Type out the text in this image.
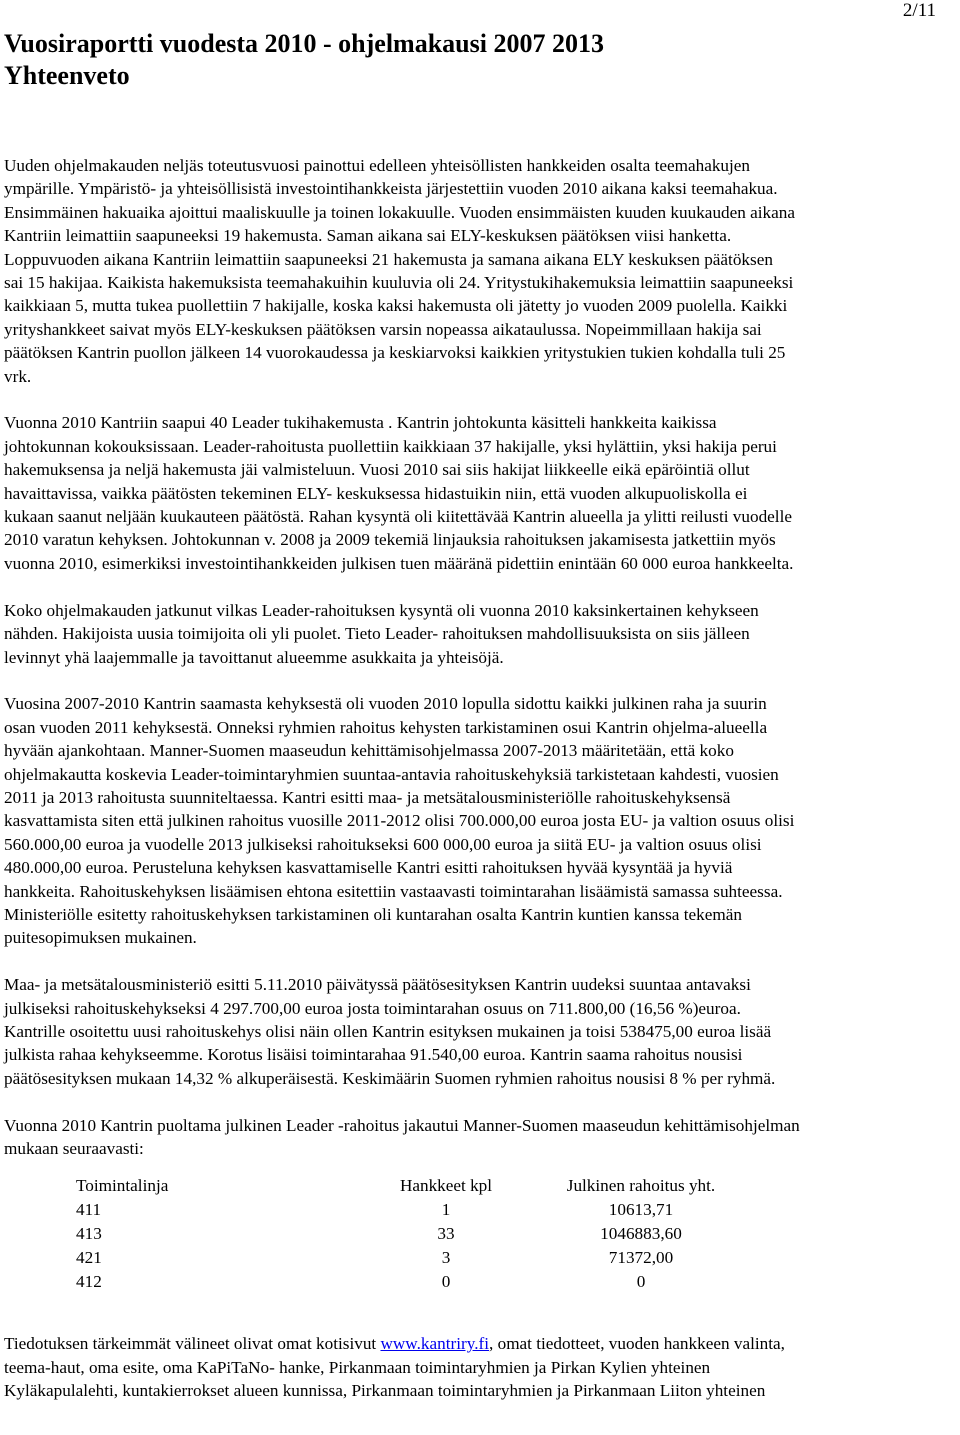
2/11
Vuosiraportti vuodesta 2010 - ohjelmakausi 2007 2013
Yhteenveto
Uuden ohjelmakauden neljäs toteutusvuosi painottui edelleen yhteisöllisten hankkeiden osalta teemahakujen
ympärille. Ympäristö- ja yhteisöllisistä investointihankkeista järjestettiin vuoden 2010 aikana kaksi teemahakua.
Ensimmäinen hakuaika ajoittui maaliskuulle ja toinen lokakuulle. Vuoden ensimmäisten kuuden kuukauden aikana
Kantriin leimattiin saapuneeksi 19 hakemusta. Saman aikana sai ELY-keskuksen päätöksen viisi hanketta.
Loppuvuoden aikana Kantriin leimattiin saapuneeksi 21 hakemusta ja samana aikana ELY keskuksen päätöksen
sai 15 hakijaa. Kaikista hakemuksista teemahakuihin kuuluvia oli 24. Yritystukihakemuksia leimattiin saapuneeksi
kaikkiaan 5, mutta tukea puollettiin 7 hakijalle, koska kaksi hakemusta oli jätetty jo vuoden 2009 puolella. Kaikki
yrityshankkeet saivat myös ELY-keskuksen päätöksen varsin nopeassa aikataulussa. Nopeimmillaan hakija sai
päätöksen Kantrin puollon jälkeen 14 vuorokaudessa ja keskiarvoksi kaikkien yritystukien tukien kohdalla tuli 25
vrk.
Vuonna 2010 Kantriin saapui 40 Leader tukihakemusta . Kantrin johtokunta käsitteli hankkeita kaikissa
johtokunnan kokouksissaan. Leader-rahoitusta puollettiin kaikkiaan 37 hakijalle, yksi hylättiin, yksi hakija perui
hakemuksensa ja neljä hakemusta jäi valmisteluun. Vuosi 2010 sai siis hakijat liikkeelle eikä epäröintiä ollut
havaittavissa, vaikka päätösten tekeminen ELY- keskuksessa hidastuikin niin, että vuoden alkupuoliskolla ei
kukaan saanut neljään kuukauteen päätöstä. Rahan kysyntä oli kiitettävää Kantrin alueella ja ylitti reilusti vuodelle
2010 varatun kehyksen. Johtokunnan v. 2008 ja 2009 tekemiä linjauksia rahoituksen jakamisesta jatkettiin myös
vuonna 2010, esimerkiksi investointihankkeiden julkisen tuen määränä pidettiin enintään 60 000 euroa hankkeelta.
Koko ohjelmakauden jatkunut vilkas Leader-rahoituksen kysyntä oli vuonna 2010 kaksinkertainen kehykseen
nähden. Hakijoista uusia toimijoita oli yli puolet. Tieto Leader- rahoituksen mahdollisuuksista on siis jälleen
levinnyt yhä laajemmalle ja tavoittanut alueemme asukkaita ja yhteisöjä.
Vuosina 2007-2010 Kantrin saamasta kehyksestä oli vuoden 2010 lopulla sidottu kaikki julkinen raha ja suurin
osan vuoden 2011 kehyksestä. Onneksi ryhmien rahoitus kehysten tarkistaminen osui Kantrin ohjelma-alueella
hyvään ajankohtaan. Manner-Suomen maaseudun kehittämisohjelmassa 2007-2013 määritetään, että koko
ohjelmakautta koskevia Leader-toimintaryhmien suuntaa-antavia rahoituskehyksiä tarkistetaan kahdesti, vuosien
2011 ja 2013 rahoitusta suunniteltaessa. Kantri esitti maa- ja metsätalousministeriölle rahoituskehyksensä
kasvattamista siten että julkinen rahoitus vuosille 2011-2012 olisi 700.000,00 euroa josta EU- ja valtion osuus olisi
560.000,00 euroa ja vuodelle 2013 julkiseksi rahoitukseksi 600 000,00 euroa ja siitä EU- ja valtion osuus olisi
480.000,00 euroa. Perusteluna kehyksen kasvattamiselle Kantri esitti rahoituksen hyvää kysyntää ja hyviä
hankkeita. Rahoituskehyksen lisäämisen ehtona esitettiin vastaavasti toimintarahan lisäämistä samassa suhteessa.
Ministeriölle esitetty rahoituskehyksen tarkistaminen oli kuntarahan osalta Kantrin kuntien kanssa tekemän
puitesopimuksen mukainen.
Maa- ja metsätalousministeriö esitti 5.11.2010 päivätyssä päätösesityksen Kantrin uudeksi suuntaa antavaksi
julkiseksi rahoituskehykseksi 4 297.700,00 euroa josta toimintarahan osuus on 711.800,00 (16,56 %)euroa.
Kantrille osoitettu uusi rahoituskehys olisi näin ollen Kantrin esityksen mukainen ja toisi 538475,00 euroa lisää
julkista rahaa kehykseemme. Korotus lisäisi toimintarahaa 91.540,00 euroa. Kantrin saama rahoitus nousisi
päätösesityksen mukaan 14,32 % alkuperäisestä. Keskimäärin Suomen ryhmien rahoitus nousisi 8 % per ryhmä.
Vuonna 2010 Kantrin puoltama julkinen Leader -rahoitus jakautui Manner-Suomen maaseudun kehittämisohjelman
mukaan seuraavasti:
Toimintalinja	Hankkeet kpl	Julkinen rahoitus yht.
411	1	10613,71
413	33	1046883,60
421	3	71372,00
412	0	0
Tiedotuksen tärkeimmät välineet olivat omat kotisivut www.kantriry.fi, omat tiedotteet, vuoden hankkeen valinta,
teema-haut, oma esite, oma KaPiTaNo- hanke, Pirkanmaan toimintaryhmien ja Pirkan Kylien yhteinen
Kyläkapulalehti, kuntakierrokset alueen kunnissa, Pirkanmaan toimintaryhmien ja Pirkanmaan Liiton yhteinen
